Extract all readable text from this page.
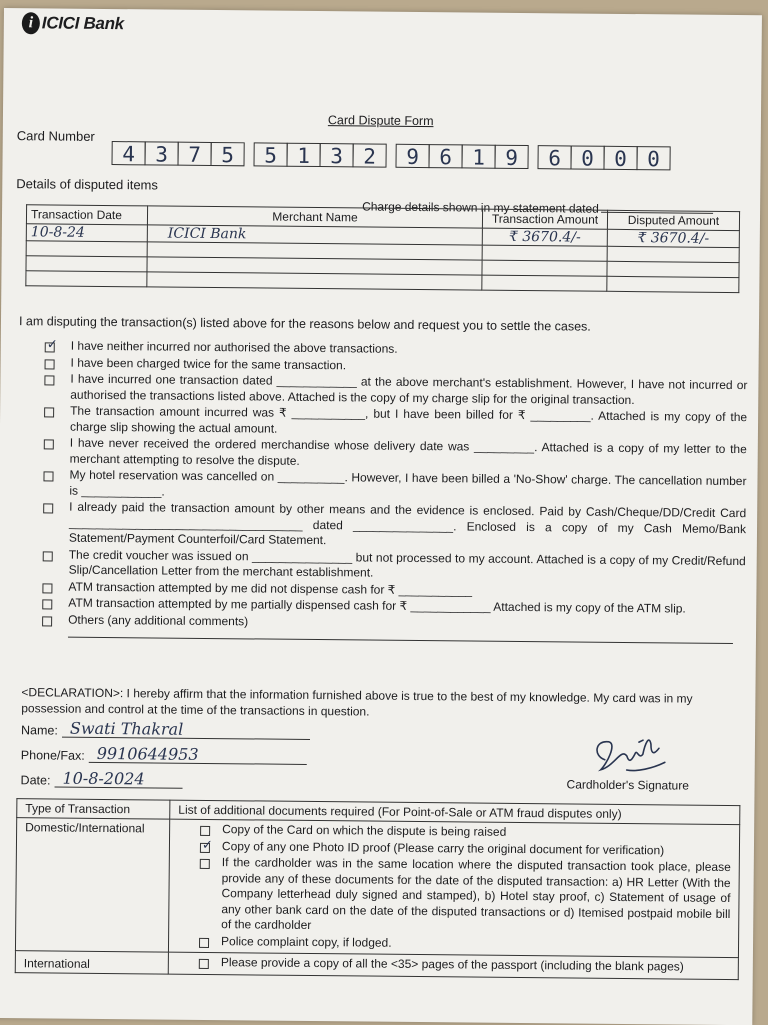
i ICICI Bank
Card Dispute Form
Card Number
4 3 7 5	5 1 3 2	9 6 1 9	6 0 0 0
Details of disputed items
Charge details shown in my statement dated
Transaction Date	Merchant Name	Transaction Amount	Disputed Amount
10-8-24	ICICI Bank	₹ 3670.4/-	₹ 3670.4/-

I am disputing the transaction(s) listed above for the reasons below and request you to settle the cases.
✓
I have neither incurred nor authorised the above transactions.
I have been charged twice for the same transaction.
I have incurred one transaction dated ____________ at the above merchant's establishment. However, I have not incurred or authorised the transactions listed above. Attached is the copy of my charge slip for the original transaction.
The transaction amount incurred was ₹ ___________, but I have been billed for ₹ _________. Attached is my copy of the charge slip showing the actual amount.
I have never received the ordered merchandise whose delivery date was _________. Attached is a copy of my letter to the merchant attempting to resolve the dispute.
My hotel reservation was cancelled on __________. However, I have been billed a 'No-Show' charge. The cancellation number is ____________.
I already paid the transaction amount by other means and the evidence is enclosed. Paid by Cash/Cheque/DD/Credit Card ___________________________________ dated _______________. Enclosed is a copy of my Cash Memo/Bank Statement/Payment Counterfoil/Card Statement.
The credit voucher was issued on _______________ but not processed to my account. Attached is a copy of my Credit/Refund Slip/Cancellation Letter from the merchant establishment.
ATM transaction attempted by me did not dispense cash for ₹ ___________
ATM transaction attempted by me partially dispensed cash for ₹ ____________ Attached is my copy of the ATM slip.
Others (any additional comments)
<DECLARATION>: I hereby affirm that the information furnished above is true to the best of my knowledge. My card was in my possession and control at the time of the transactions in question.
Name: Swati Thakral
Phone/Fax: 9910644953
Date: 10-8-2024	Cardholder's Signature
Type of Transaction	List of additional documents required (For Point-of-Sale or ATM fraud disputes only)
Domestic/International	Copy of the Card on which the dispute is being raised
✓
Copy of any one Photo ID proof (Please carry the original document for verification)
If the cardholder was in the same location where the disputed transaction took place, please provide any of these documents for the date of the disputed transaction: a) HR Letter (With the Company letterhead duly signed and stamped), b) Hotel stay proof, c) Statement of usage of any other bank card on the date of the disputed transactions or d) Itemised postpaid mobile bill of the cardholder
Police complaint copy, if lodged.

International	Please provide a copy of all the <35> pages of the passport (including the blank pages)
